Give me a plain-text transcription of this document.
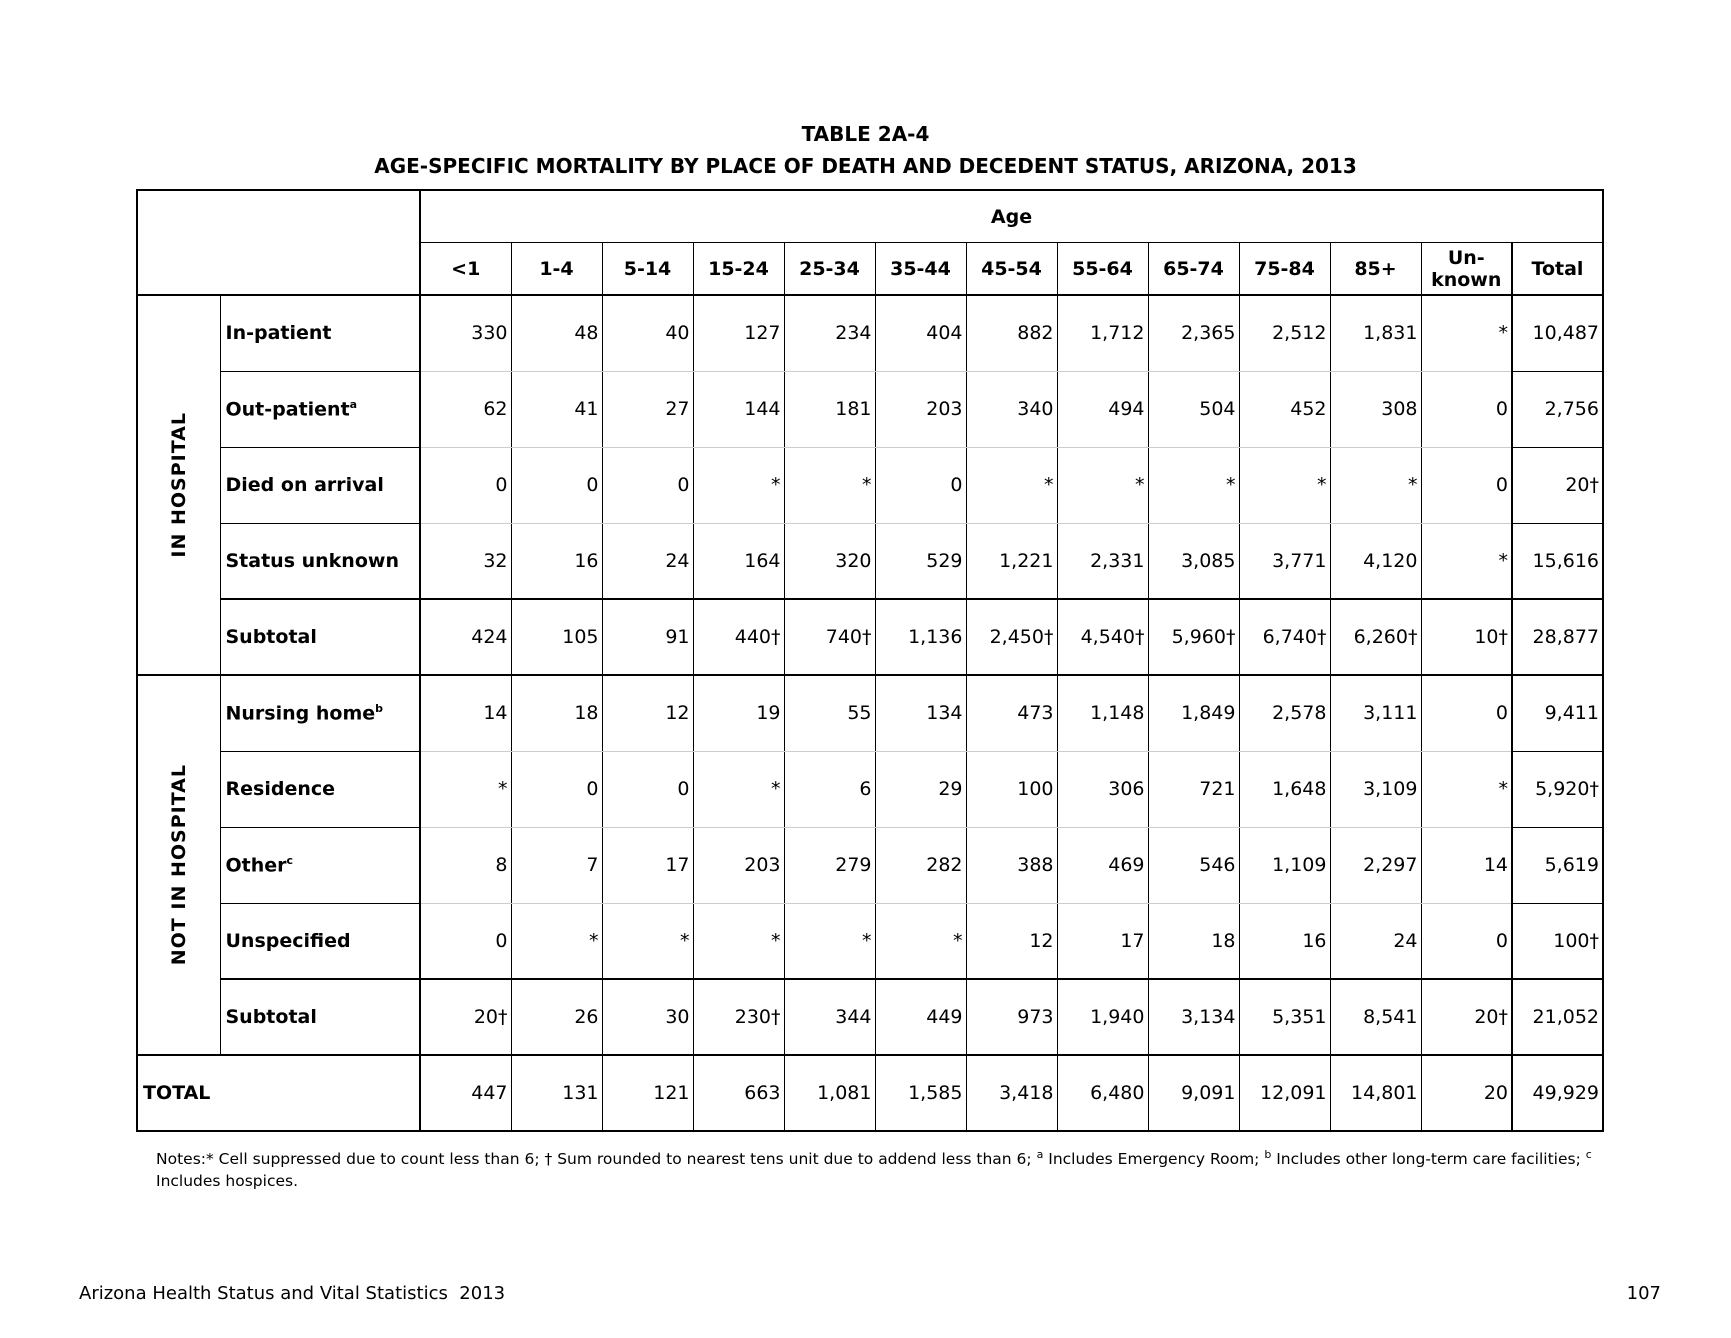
TABLE 2A-4
AGE-SPECIFIC MORTALITY BY PLACE OF DEATH AND DECEDENT STATUS, ARIZONA, 2013
		Age												
		<1	1-4	5-14	15-24	25-34	35-44	45-54	55-64	65-74	75-84	85+	Un-
known	Total

IN HOSPITAL	In-patient	330	48	40	127	234	404	882	1,712	2,365	2,512	1,831	*	10,487
	Out-patient$^a$	62	41	27	144	181	203	340	494	504	452	308	0	2,756
	Died on arrival	0	0	0	*	*	0	*	*	*	*	*	0	20†
	Status unknown	32	16	24	164	320	529	1,221	2,331	3,085	3,771	4,120	*	15,616
	Subtotal	424	105	91	440†	740†	1,136	2,450†	4,540†	5,960†	6,740†	6,260†	10†	28,877

NOT IN HOSPITAL	Nursing home$^b$	14	18	12	19	55	134	473	1,148	1,849	2,578	3,111	0	9,411
	Residence	*	0	0	*	6	29	100	306	721	1,648	3,109	*	5,920†
	Other$^c$	8	7	17	203	279	282	388	469	546	1,109	2,297	14	5,619
	Unspecified	0	*	*	*	*	*	12	17	18	16	24	0	100†
	Subtotal	20†	26	30	230†	344	449	973	1,940	3,134	5,351	8,541	20†	21,052
TOTAL		447	131	121	663	1,081	1,585	3,418	6,480	9,091	12,091	14,801	20	49,929
Notes:* Cell suppressed due to count less than 6; † Sum rounded to nearest tens unit due to addend less than 6; $^a$ Includes Emergency Room; $^b$ Includes other long-term care facilities; $^c$ Includes hospices.
Arizona Health Status and Vital Statistics  2013	107
